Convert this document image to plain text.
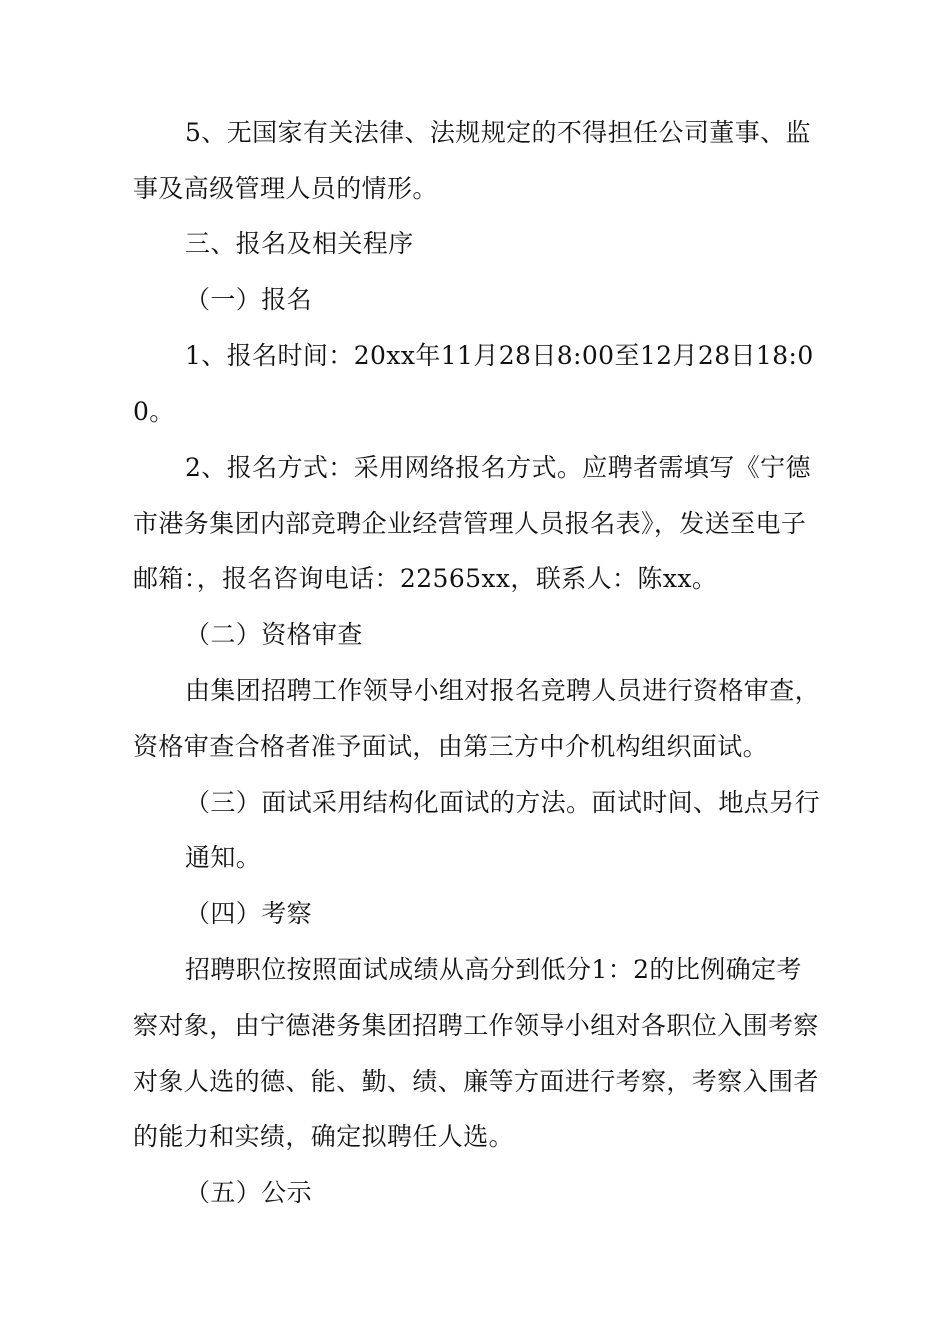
5、无国家有关法律、法规规定的不得担任公司董事、监
事及高级管理人员的情形。
三、报名及相关程序
（一）报名
1、报名时间：20xx年11月28日8:00至12月28日18:0
0。
2、报名方式：采用网络报名方式。应聘者需填写《宁德
市港务集团内部竞聘企业经营管理人员报名表》，发送至电子
邮箱：，报名咨询电话：22565xx，联系人：陈xx。
（二）资格审查
由集团招聘工作领导小组对报名竞聘人员进行资格审查，
资格审查合格者准予面试，由第三方中介机构组织面试。
（三）面试采用结构化面试的方法。面试时间、地点另行
通知。
（四）考察
招聘职位按照面试成绩从高分到低分1：2的比例确定考
察对象，由宁德港务集团招聘工作领导小组对各职位入围考察
对象人选的德、能、勤、绩、廉等方面进行考察，考察入围者
的能力和实绩，确定拟聘任人选。
（五）公示
